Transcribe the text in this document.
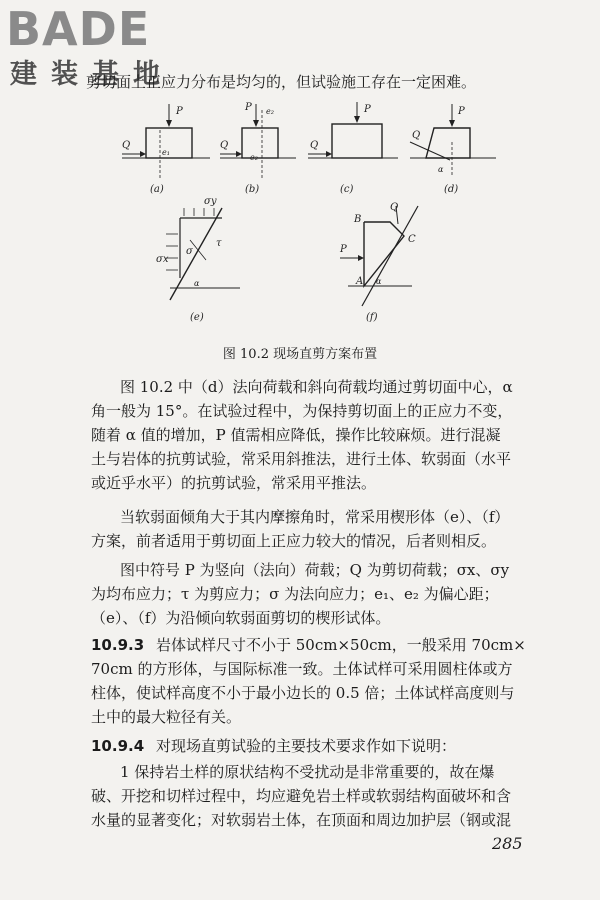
BADE
建装基地
剪切面上正应力分布是均匀的，但试验施工存在一定困难。
P
Q
e₁
(a)
P e₂
Q
e₂
(b)
P
Q
(c)
P
Q
α
(d)
σy
σx
σ
τ
α
(e)
B
Q
C
P
A α
(f)
图 10.2 现场直剪方案布置
图 10.2 中（d）法向荷载和斜向荷载均通过剪切面中心，α
角一般为 15°。在试验过程中，为保持剪切面上的正应力不变，
随着 α 值的增加，P 值需相应降低，操作比较麻烦。进行混凝
土与岩体的抗剪试验，常采用斜推法，进行土体、软弱面（水平
或近乎水平）的抗剪试验，常采用平推法。
当软弱面倾角大于其内摩擦角时，常采用楔形体（e）、（f）
方案，前者适用于剪切面上正应力较大的情况，后者则相反。
图中符号 P 为竖向（法向）荷载；Q 为剪切荷载；σx、σy
为均布应力；τ 为剪应力；σ 为法向应力；e₁、e₂ 为偏心距；
（e）、（f）为沿倾向软弱面剪切的楔形试体。
10.9.3 岩体试样尺寸不小于 50cm×50cm，一般采用 70cm×
70cm 的方形体，与国际标准一致。土体试样可采用圆柱体或方
柱体，使试样高度不小于最小边长的 0.5 倍；土体试样高度则与
土中的最大粒径有关。
10.9.4 对现场直剪试验的主要技术要求作如下说明：
1 保持岩土样的原状结构不受扰动是非常重要的，故在爆
破、开挖和切样过程中，均应避免岩土样或软弱结构面破坏和含
水量的显著变化；对软弱岩土体，在顶面和周边加护层（钢或混
285
